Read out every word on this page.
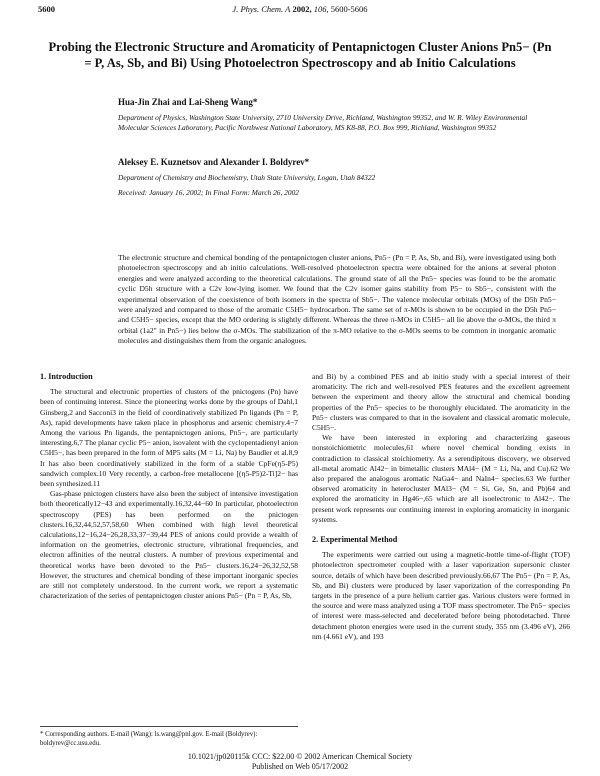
5600	J. Phys. Chem. A 2002, 106, 5600-5606
Probing the Electronic Structure and Aromaticity of Pentapnictogen Cluster Anions Pn5− (Pn = P, As, Sb, and Bi) Using Photoelectron Spectroscopy and ab Initio Calculations
Hua-Jin Zhai and Lai-Sheng Wang*
Department of Physics, Washington State University, 2710 University Drive, Richland, Washington 99352, and W. R. Wiley Environmental Molecular Sciences Laboratory, Pacific Northwest National Laboratory, MS K8-88, P.O. Box 999, Richland, Washington 99352
Aleksey E. Kuznetsov and Alexander I. Boldyrev*
Department of Chemistry and Biochemistry, Utah State University, Logan, Utah 84322
Received: January 16, 2002; In Final Form: March 26, 2002
The electronic structure and chemical bonding of the pentapnictogen cluster anions, Pn5− (Pn = P, As, Sb, and Bi), were investigated using both photoelectron spectroscopy and ab initio calculations. Well-resolved photoelectron spectra were obtained for the anions at several photon energies and were analyzed according to the theoretical calculations. The ground state of all the Pn5− species was found to be the aromatic cyclic D5h structure with a C2v low-lying isomer. We found that the C2v isomer gains stability from P5− to Sb5−, consistent with the experimental observation of the coexistence of both isomers in the spectra of Sb5−. The valence molecular orbitals (MOs) of the D5h Pn5− were analyzed and compared to those of the aromatic C5H5− hydrocarbon. The same set of π-MOs is shown to be occupied in the D5h Pn5− and C5H5− species, except that the MO ordering is slightly different. Whereas the three π-MOs in C5H5− all lie above the σ-MOs, the third π orbital (1a2″ in Pn5−) lies below the σ-MOs. The stabilization of the π-MO relative to the σ-MOs seems to be common in inorganic aromatic molecules and distinguishes them from the organic analogues.
1. Introduction

The structural and electronic properties of clusters of the pnictogens (Pn) have been of continuing interest. Since the pioneering works done by the groups of Dahl,1 Ginsberg,2 and Sacconi3 in the field of coordinatively stabilized Pn ligands (Pn = P, As), rapid developments have taken place in phosphorus and arsenic chemistry.4−7 Among the various Pn ligands, the pentapnictogen anions, Pn5−, are particularly interesting.6,7 The planar cyclic P5− anion, isovalent with the cyclopentadienyl anion C5H5−, has been prepared in the form of MP5 salts (M = Li, Na) by Baudler et al.8,9 It has also been coordinatively stabilized in the form of a stable CpFe(η5-P5) sandwich complex.10 Very recently, a carbon-free metallocene [(η5-P5)2-Ti]2− has been synthesized.11

Gas-phase pnictogen clusters have also been the subject of intensive investigation both theoretically12−43 and experimentally.16,32,44−60 In particular, photoelectron spectroscopy (PES) has been performed on the pnictogen clusters.16,32,44,52,57,58,60 When combined with high level theoretical calculations,12−16,24−26,28,33,37−39,44 PES of anions could provide a wealth of information on the geometries, electronic structure, vibrational frequencies, and electron affinities of the neutral clusters. A number of previous experimental and theoretical works have been devoted to the Pn5− clusters.16,24−26,32,52,58 However, the structures and chemical bonding of these important inorganic species are still not completely understood. In the current work, we report a systematic characterization of the series of pentapnictogen cluster anions Pn5− (Pn = P, As, Sb,

* Corresponding authors. E-mail (Wang): ls.wang@pnl.gov. E-mail (Boldyrev): boldyrev@cc.usu.edu.

and Bi) by a combined PES and ab initio study with a special interest of their aromaticity. The rich and well-resolved PES features and the excellent agreement between the experiment and theory allow the structural and chemical bonding properties of the Pn5− species to be thoroughly elucidated. The aromaticity in the Pn5− clusters was compared to that in the isovalent and classical aromatic molecule, C5H5−.

We have been interested in exploring and characterizing gaseous nonstoichiometric molecules,61 where novel chemical bonding exists in contradiction to classical stoichiometry. As a serendipitous discovery, we observed all-metal aromatic Al42− in bimetallic clusters MAl4− (M = Li, Na, and Cu).62 We also prepared the analogous aromatic NaGa4− and NaIn4− species.63 We further observed aromaticity in heterocluster MAl3− (M = Si, Ge, Sn, and Pb)64 and explored the aromaticity in Hg46−,65 which are all isoelectronic to Al42−. The present work represents our continuing interest in exploring aromaticity in inorganic systems.

2. Experimental Method

The experiments were carried out using a magnetic-bottle time-of-flight (TOF) photoelectron spectrometer coupled with a laser vaporization supersonic cluster source, details of which have been described previously.66,67 The Pn5− (Pn = P, As, Sb, and Bi) clusters were produced by laser vaporization of the corresponding Pn targets in the presence of a pure helium carrier gas. Various clusters were formed in the source and were mass analyzed using a TOF mass spectrometer. The Pn5− species of interest were mass-selected and decelerated before being photodetached. Three detachment photon energies were used in the current study, 355 nm (3.496 eV), 266 nm (4.661 eV), and 193

10.1021/jp020115k CCC: $22.00 © 2002 American Chemical Society
Published on Web 05/17/2002
